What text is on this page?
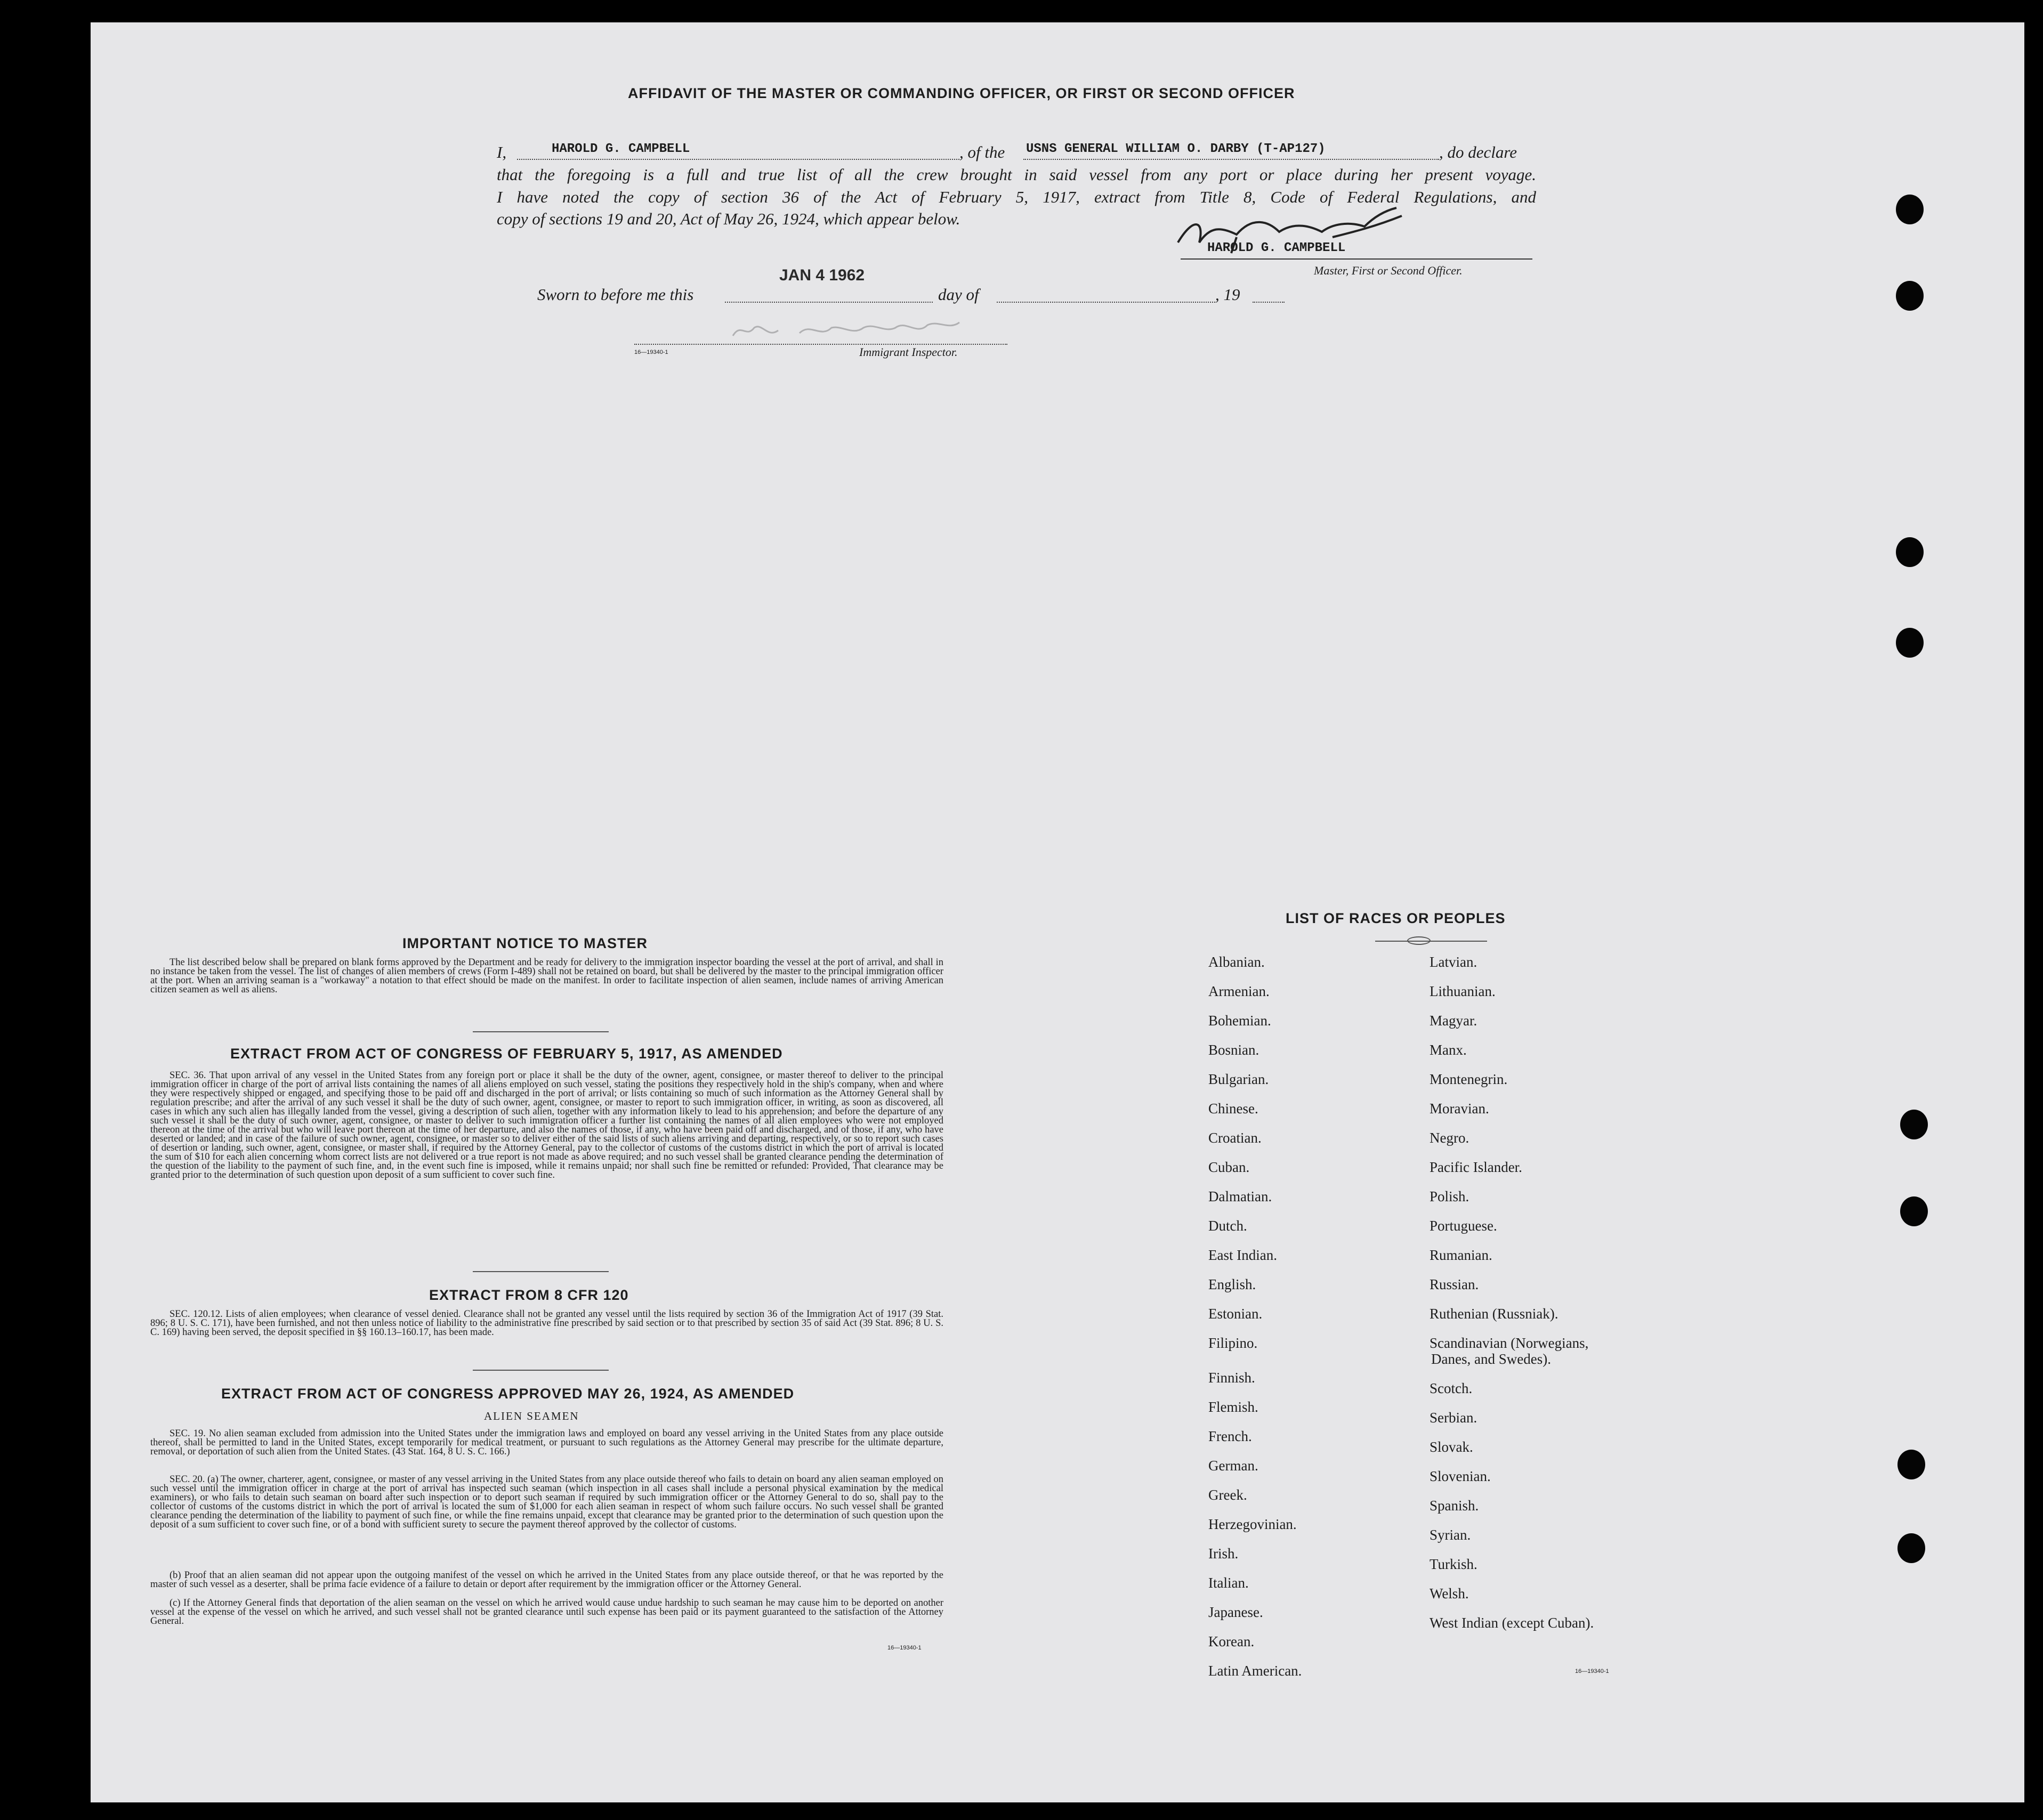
AFFIDAVIT OF THE MASTER OR COMMANDING OFFICER, OR FIRST OR SECOND OFFICER
I,	HAROLD G. CAMPBELL	, of the USNS GENERAL WILLIAM O. DARBY (T-AP127)	, do declare
that the foregoing is a full and true list of all the crew brought in said vessel from any port or place during her present voyage.
I have noted the copy of section 36 of the Act of February 5, 1917, extract from Title 8, Code of Federal Regulations, and
copy of sections 19 and 20, Act of May 26, 1924, which appear below.
HAROLD G. CAMPBELL
Master, First or Second Officer.
Sworn to before me this
JAN 4 1962
day of	, 19
16—19340-1	Immigrant Inspector.
IMPORTANT NOTICE TO MASTER
The list described below shall be prepared on blank forms approved by the Department and be ready for delivery to the immigration inspector boarding the vessel at the port of arrival, and shall in no instance be taken from the vessel. The list of changes of alien members of crews (Form I-489) shall not be retained on board, but shall be delivered by the master to the principal immigration officer at the port. When an arriving seaman is a "workaway" a notation to that effect should be made on the manifest. In order to facilitate inspection of alien seamen, include names of arriving American citizen seamen as well as aliens.
EXTRACT FROM ACT OF CONGRESS OF FEBRUARY 5, 1917, AS AMENDED
SEC. 36. That upon arrival of any vessel in the United States from any foreign port or place it shall be the duty of the owner, agent, consignee, or master thereof to deliver to the principal immigration officer in charge of the port of arrival lists containing the names of all aliens employed on such vessel, stating the positions they respectively hold in the ship's company, when and where they were respectively shipped or engaged, and specifying those to be paid off and discharged in the port of arrival; or lists containing so much of such information as the Attorney General shall by regulation prescribe; and after the arrival of any such vessel it shall be the duty of such owner, agent, consignee, or master to report to such immigration officer, in writing, as soon as discovered, all cases in which any such alien has illegally landed from the vessel, giving a description of such alien, together with any information likely to lead to his apprehension; and before the departure of any such vessel it shall be the duty of such owner, agent, consignee, or master to deliver to such immigration officer a further list containing the names of all alien employees who were not employed thereon at the time of the arrival but who will leave port thereon at the time of her departure, and also the names of those, if any, who have been paid off and discharged, and of those, if any, who have deserted or landed; and in case of the failure of such owner, agent, consignee, or master so to deliver either of the said lists of such aliens arriving and departing, respectively, or so to report such cases of desertion or landing, such owner, agent, consignee, or master shall, if required by the Attorney General, pay to the collector of customs of the customs district in which the port of arrival is located the sum of $10 for each alien concerning whom correct lists are not delivered or a true report is not made as above required; and no such vessel shall be granted clearance pending the determination of the question of the liability to the payment of such fine, and, in the event such fine is imposed, while it remains unpaid; nor shall such fine be remitted or refunded: Provided, That clearance may be granted prior to the determination of such question upon deposit of a sum sufficient to cover such fine.
EXTRACT FROM 8 CFR 120
SEC. 120.12. Lists of alien employees; when clearance of vessel denied. Clearance shall not be granted any vessel until the lists required by section 36 of the Immigration Act of 1917 (39 Stat. 896; 8 U. S. C. 171), have been furnished, and not then unless notice of liability to the administrative fine prescribed by said section or to that prescribed by section 35 of said Act (39 Stat. 896; 8 U. S. C. 169) having been served, the deposit specified in §§ 160.13–160.17, has been made.
EXTRACT FROM ACT OF CONGRESS APPROVED MAY 26, 1924, AS AMENDED
ALIEN SEAMEN
SEC. 19. No alien seaman excluded from admission into the United States under the immigration laws and employed on board any vessel arriving in the United States from any place outside thereof, shall be permitted to land in the United States, except temporarily for medical treatment, or pursuant to such regulations as the Attorney General may prescribe for the ultimate departure, removal, or deportation of such alien from the United States. (43 Stat. 164, 8 U. S. C. 166.)
SEC. 20. (a) The owner, charterer, agent, consignee, or master of any vessel arriving in the United States from any place outside thereof who fails to detain on board any alien seaman employed on such vessel until the immigration officer in charge at the port of arrival has inspected such seaman (which inspection in all cases shall include a personal physical examination by the medical examiners), or who fails to detain such seaman on board after such inspection or to deport such seaman if required by such immigration officer or the Attorney General to do so, shall pay to the collector of customs of the customs district in which the port of arrival is located the sum of $1,000 for each alien seaman in respect of whom such failure occurs. No such vessel shall be granted clearance pending the determination of the liability to payment of such fine, or while the fine remains unpaid, except that clearance may be granted prior to the determination of such question upon the deposit of a sum sufficient to cover such fine, or of a bond with sufficient surety to secure the payment thereof approved by the collector of customs.
(b) Proof that an alien seaman did not appear upon the outgoing manifest of the vessel on which he arrived in the United States from any place outside thereof, or that he was reported by the master of such vessel as a deserter, shall be prima facie evidence of a failure to detain or deport after requirement by the immigration officer or the Attorney General.
(c) If the Attorney General finds that deportation of the alien seaman on the vessel on which he arrived would cause undue hardship to such seaman he may cause him to be deported on another vessel at the expense of the vessel on which he arrived, and such vessel shall not be granted clearance until such expense has been paid or its payment guaranteed to the satisfaction of the Attorney General.
16—19340-1
LIST OF RACES OR PEOPLES
Albanian.
Armenian.
Bohemian.
Bosnian.
Bulgarian.
Chinese.
Croatian.
Cuban.
Dalmatian.
Dutch.
East Indian.
English.
Estonian.
Filipino.
Finnish.
Flemish.
French.
German.
Greek.
Herzegovinian.
Irish.
Italian.
Japanese.
Korean.
Latin American.
Latvian.
Lithuanian.
Magyar.
Manx.
Montenegrin.
Moravian.
Negro.
Pacific Islander.
Polish.
Portuguese.
Rumanian.
Russian.
Ruthenian (Russniak).
Scandinavian (Norwegians,
Danes, and Swedes).
Scotch.
Serbian.
Slovak.
Slovenian.
Spanish.
Syrian.
Turkish.
Welsh.
West Indian (except Cuban).
16—19340-1
